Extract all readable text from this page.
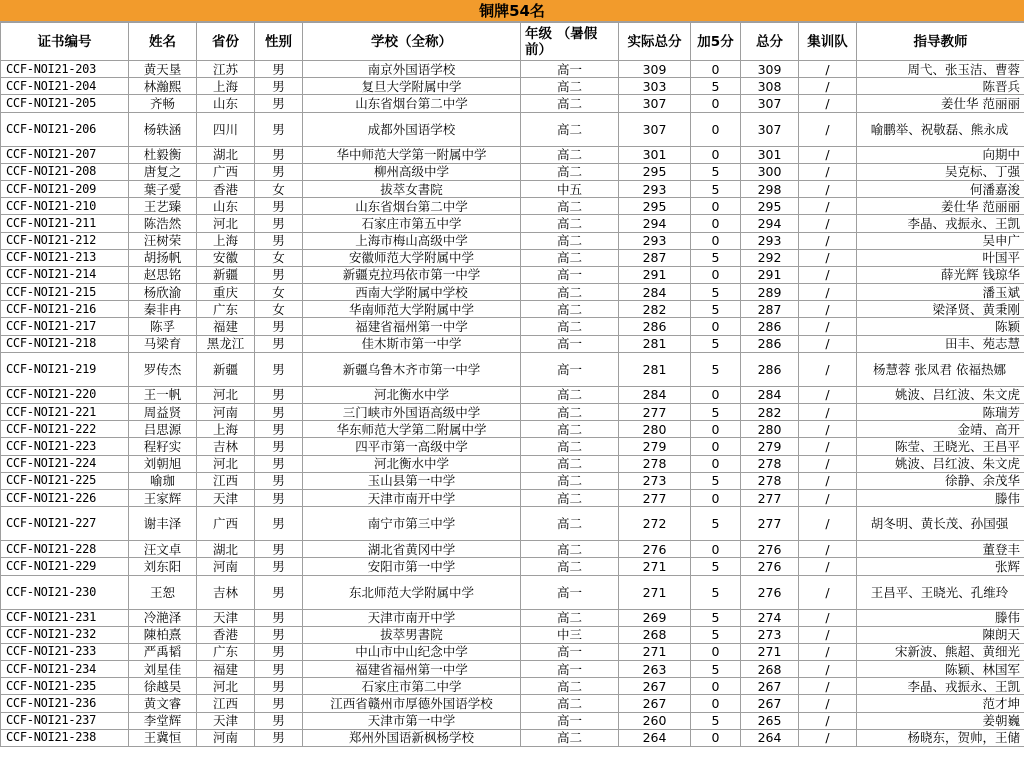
铜牌54名
证书编号	姓名	省份	性别	学校（全称）	年级 （暑假前）	实际总分	加5分	总分	集训队	指导教师
CCF-NOI21-203	黄天垦	江苏	男	南京外国语学校	高一	309	0	309	/	周弋、张玉洁、曹蓉
CCF-NOI21-204	林瀚熙	上海	男	复旦大学附属中学	高二	303	5	308	/	陈晋兵
CCF-NOI21-205	齐畅	山东	男	山东省烟台第二中学	高二	307	0	307	/	姜仕华 范丽丽
CCF-NOI21-206	杨轶涵	四川	男	成都外国语学校	高二	307	0	307	/	喻鹏举、祝敬磊、熊永成
CCF-NOI21-207	杜毅衡	湖北	男	华中师范大学第一附属中学	高二	301	0	301	/	向期中
CCF-NOI21-208	唐复之	广西	男	柳州高级中学	高二	295	5	300	/	吴克标、丁强
CCF-NOI21-209	葉子愛	香港	女	拔萃女書院	中五	293	5	298	/	何潘嘉浚
CCF-NOI21-210	王艺臻	山东	男	山东省烟台第二中学	高二	295	0	295	/	姜仕华 范丽丽
CCF-NOI21-211	陈浩然	河北	男	石家庄市第五中学	高二	294	0	294	/	李晶、戎振永、王凯
CCF-NOI21-212	汪树荣	上海	男	上海市梅山高级中学	高二	293	0	293	/	吴申广
CCF-NOI21-213	胡扬帆	安徽	女	安徽师范大学附属中学	高二	287	5	292	/	叶国平
CCF-NOI21-214	赵思铭	新疆	男	新疆克拉玛依市第一中学	高一	291	0	291	/	薛光辉 钱琼华
CCF-NOI21-215	杨欣渝	重庆	女	西南大学附属中学校	高二	284	5	289	/	潘玉斌
CCF-NOI21-216	秦非冉	广东	女	华南师范大学附属中学	高二	282	5	287	/	梁泽贤、黄秉刚
CCF-NOI21-217	陈孚	福建	男	福建省福州第一中学	高二	286	0	286	/	陈颖
CCF-NOI21-218	马梁育	黑龙江	男	佳木斯市第一中学	高一	281	5	286	/	田丰、苑志慧
CCF-NOI21-219	罗传杰	新疆	男	新疆乌鲁木齐市第一中学	高一	281	5	286	/	杨慧蓉 张凤君 依福热娜
CCF-NOI21-220	王一帆	河北	男	河北衡水中学	高二	284	0	284	/	姚波、吕红波、朱文虎
CCF-NOI21-221	周益贤	河南	男	三门峡市外国语高级中学	高二	277	5	282	/	陈瑞芳
CCF-NOI21-222	吕思源	上海	男	华东师范大学第二附属中学	高二	280	0	280	/	金靖、高开
CCF-NOI21-223	程籽实	吉林	男	四平市第一高级中学	高二	279	0	279	/	陈莹、王晓光、王昌平
CCF-NOI21-224	刘朝旭	河北	男	河北衡水中学	高二	278	0	278	/	姚波、吕红波、朱文虎
CCF-NOI21-225	喻珈	江西	男	玉山县第一中学	高二	273	5	278	/	徐静、余茂华
CCF-NOI21-226	王家辉	天津	男	天津市南开中学	高二	277	0	277	/	滕伟
CCF-NOI21-227	谢丰泽	广西	男	南宁市第三中学	高二	272	5	277	/	胡冬明、黄长茂、孙国强
CCF-NOI21-228	汪文卓	湖北	男	湖北省黄冈中学	高二	276	0	276	/	董登丰
CCF-NOI21-229	刘东阳	河南	男	安阳市第一中学	高二	271	5	276	/	张辉
CCF-NOI21-230	王恕	吉林	男	东北师范大学附属中学	高一	271	5	276	/	王昌平、王晓光、孔维玲
CCF-NOI21-231	冷滟泽	天津	男	天津市南开中学	高二	269	5	274	/	滕伟
CCF-NOI21-232	陳柏熹	香港	男	拔萃男書院	中三	268	5	273	/	陳朗天
CCF-NOI21-233	严禹韬	广东	男	中山市中山纪念中学	高一	271	0	271	/	宋新波、熊超、黄细光
CCF-NOI21-234	刘星佳	福建	男	福建省福州第一中学	高一	263	5	268	/	陈颖、林国军
CCF-NOI21-235	徐越昊	河北	男	石家庄市第二中学	高二	267	0	267	/	李晶、戎振永、王凯
CCF-NOI21-236	黄文睿	江西	男	江西省赣州市厚德外国语学校	高二	267	0	267	/	范才坤
CCF-NOI21-237	李堂辉	天津	男	天津市第一中学	高一	260	5	265	/	姜朝巍
CCF-NOI21-238	王冀恒	河南	男	郑州外国语新枫杨学校	高二	264	0	264	/	杨晓东，贺帅，王储
